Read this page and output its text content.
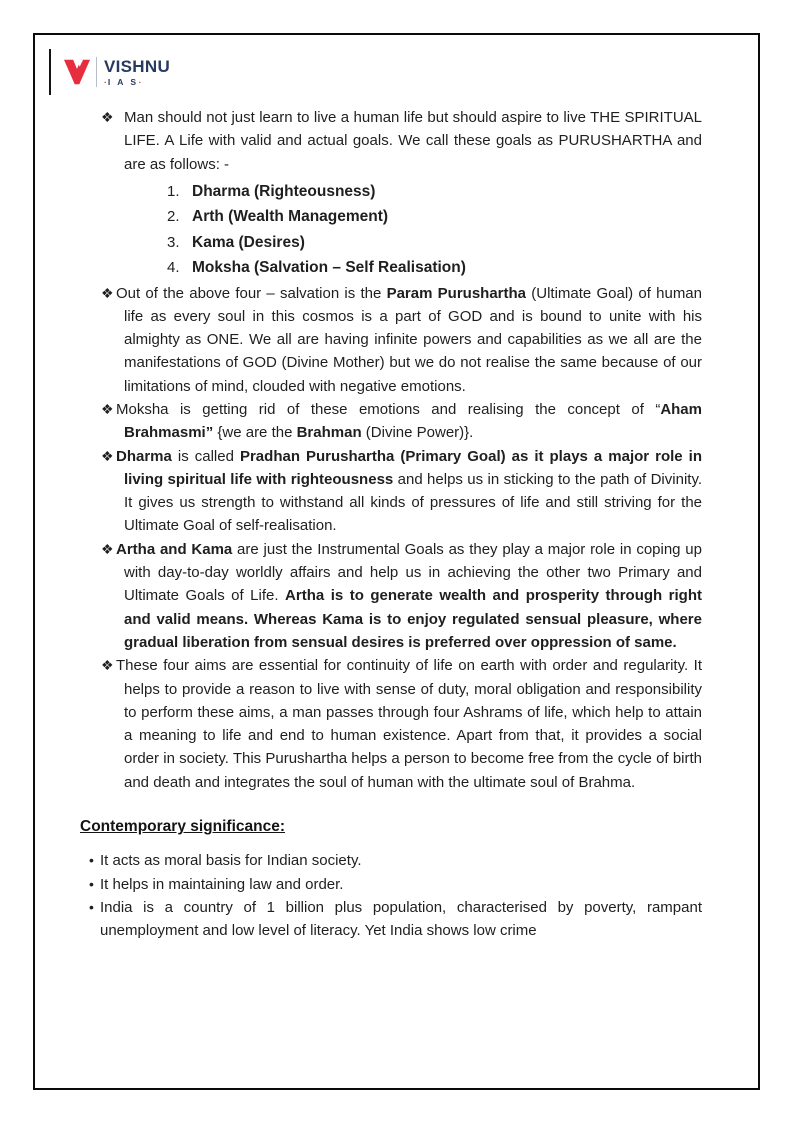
VISHNU
·I A S·
❖ Man should not just learn to live a human life but should aspire to live THE SPIRITUAL LIFE. A Life with valid and actual goals. We call these goals as PURUSHARTHA and are as follows: -
1. Dharma (Righteousness)
2. Arth (Wealth Management)
3. Kama (Desires)
4. Moksha (Salvation – Self Realisation)
❖ Out of the above four – salvation is the Param Purushartha (Ultimate Goal) of human life as every soul in this cosmos is a part of GOD and is bound to unite with his almighty as ONE. We all are having infinite powers and capabilities as we all are the manifestations of GOD (Divine Mother) but we do not realise the same because of our limitations of mind, clouded with negative emotions.
❖ Moksha is getting rid of these emotions and realising the concept of “Aham Brahmasmi” {we are the Brahman (Divine Power)}.
❖ Dharma is called Pradhan Purushartha (Primary Goal) as it plays a major role in living spiritual life with righteousness and helps us in sticking to the path of Divinity. It gives us strength to withstand all kinds of pressures of life and still striving for the Ultimate Goal of self-realisation.
❖ Artha and Kama are just the Instrumental Goals as they play a major role in coping up with day-to-day worldly affairs and help us in achieving the other two Primary and Ultimate Goals of Life. Artha is to generate wealth and prosperity through right and valid means. Whereas Kama is to enjoy regulated sensual pleasure, where gradual liberation from sensual desires is preferred over oppression of same.
❖ These four aims are essential for continuity of life on earth with order and regularity. It helps to provide a reason to live with sense of duty, moral obligation and responsibility to perform these aims, a man passes through four Ashrams of life, which help to attain a meaning to life and end to human existence. Apart from that, it provides a social order in society. This Purushartha helps a person to become free from the cycle of birth and death and integrates the soul of human with the ultimate soul of Brahma.
Contemporary significance:
• It acts as moral basis for Indian society.
• It helps in maintaining law and order.
• India is a country of 1 billion plus population, characterised by poverty, rampant unemployment and low level of literacy. Yet India shows low crime
